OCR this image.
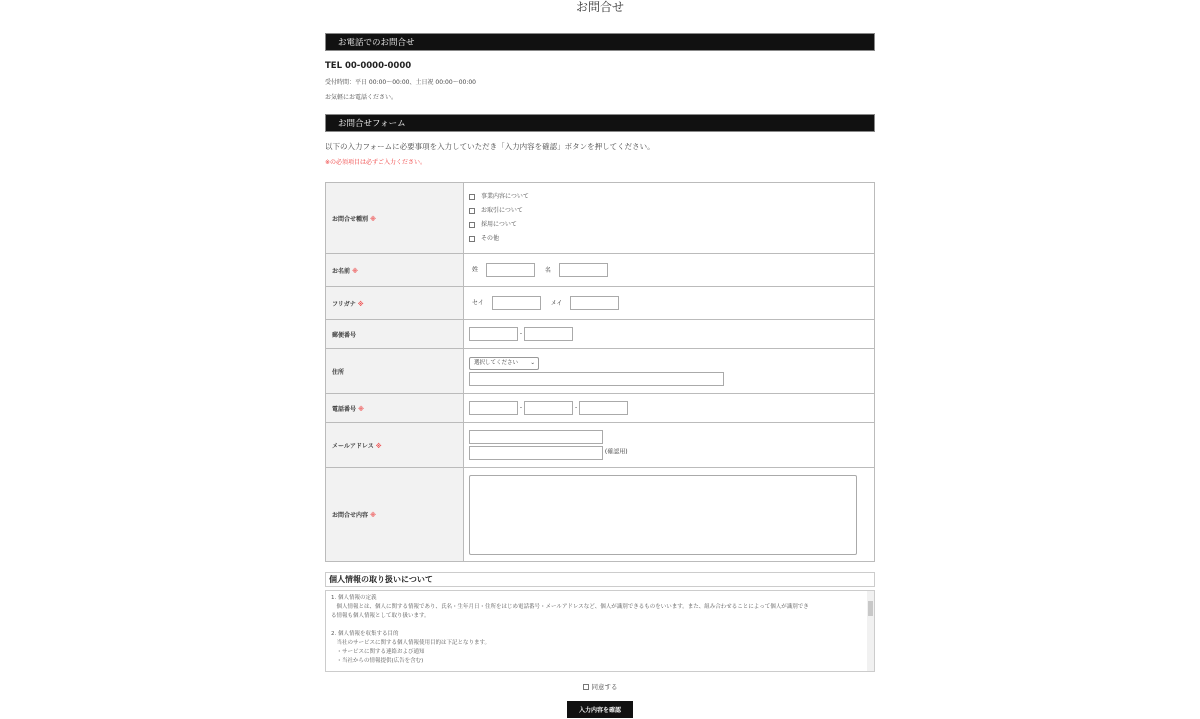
お問合せ
お電話でのお問合せ
TEL 00-0000-0000
受付時間：平日 00:00〜00:00、土日祝 00:00〜00:00
お気軽にお電話ください。
お問合せフォーム
以下の入力フォームに必要事項を入力していただき「入力内容を確認」ボタンを押してください。
※の必須項目は必ずご入力ください。
お問合せ種別 ※	事業内容について
お取引について
採用について
その他

お名前 ※	姓 名
フリガナ ※	セイ メイ
郵便番号	-
住所	選択してください ⌄

電話番号 ※	- -
メールアドレス ※	(確認用)
お問合せ内容 ※	
個人情報の取り扱いについて
1. 個人情報の定義
　個人情報とは、個人に関する情報であり、氏名・生年月日・住所をはじめ電話番号・メールアドレスなど、個人が識別できるものをいいます。また、組み合わせることによって個人が識別でき
る情報も個人情報として取り扱います。
2. 個人情報を収集する目的
　当社のサービスに関する個人情報使用目的は下記となります。
　・サービスに関する連絡および通知
　・当社からの情報提供(広告を含む)
同意する
入力内容を確認
